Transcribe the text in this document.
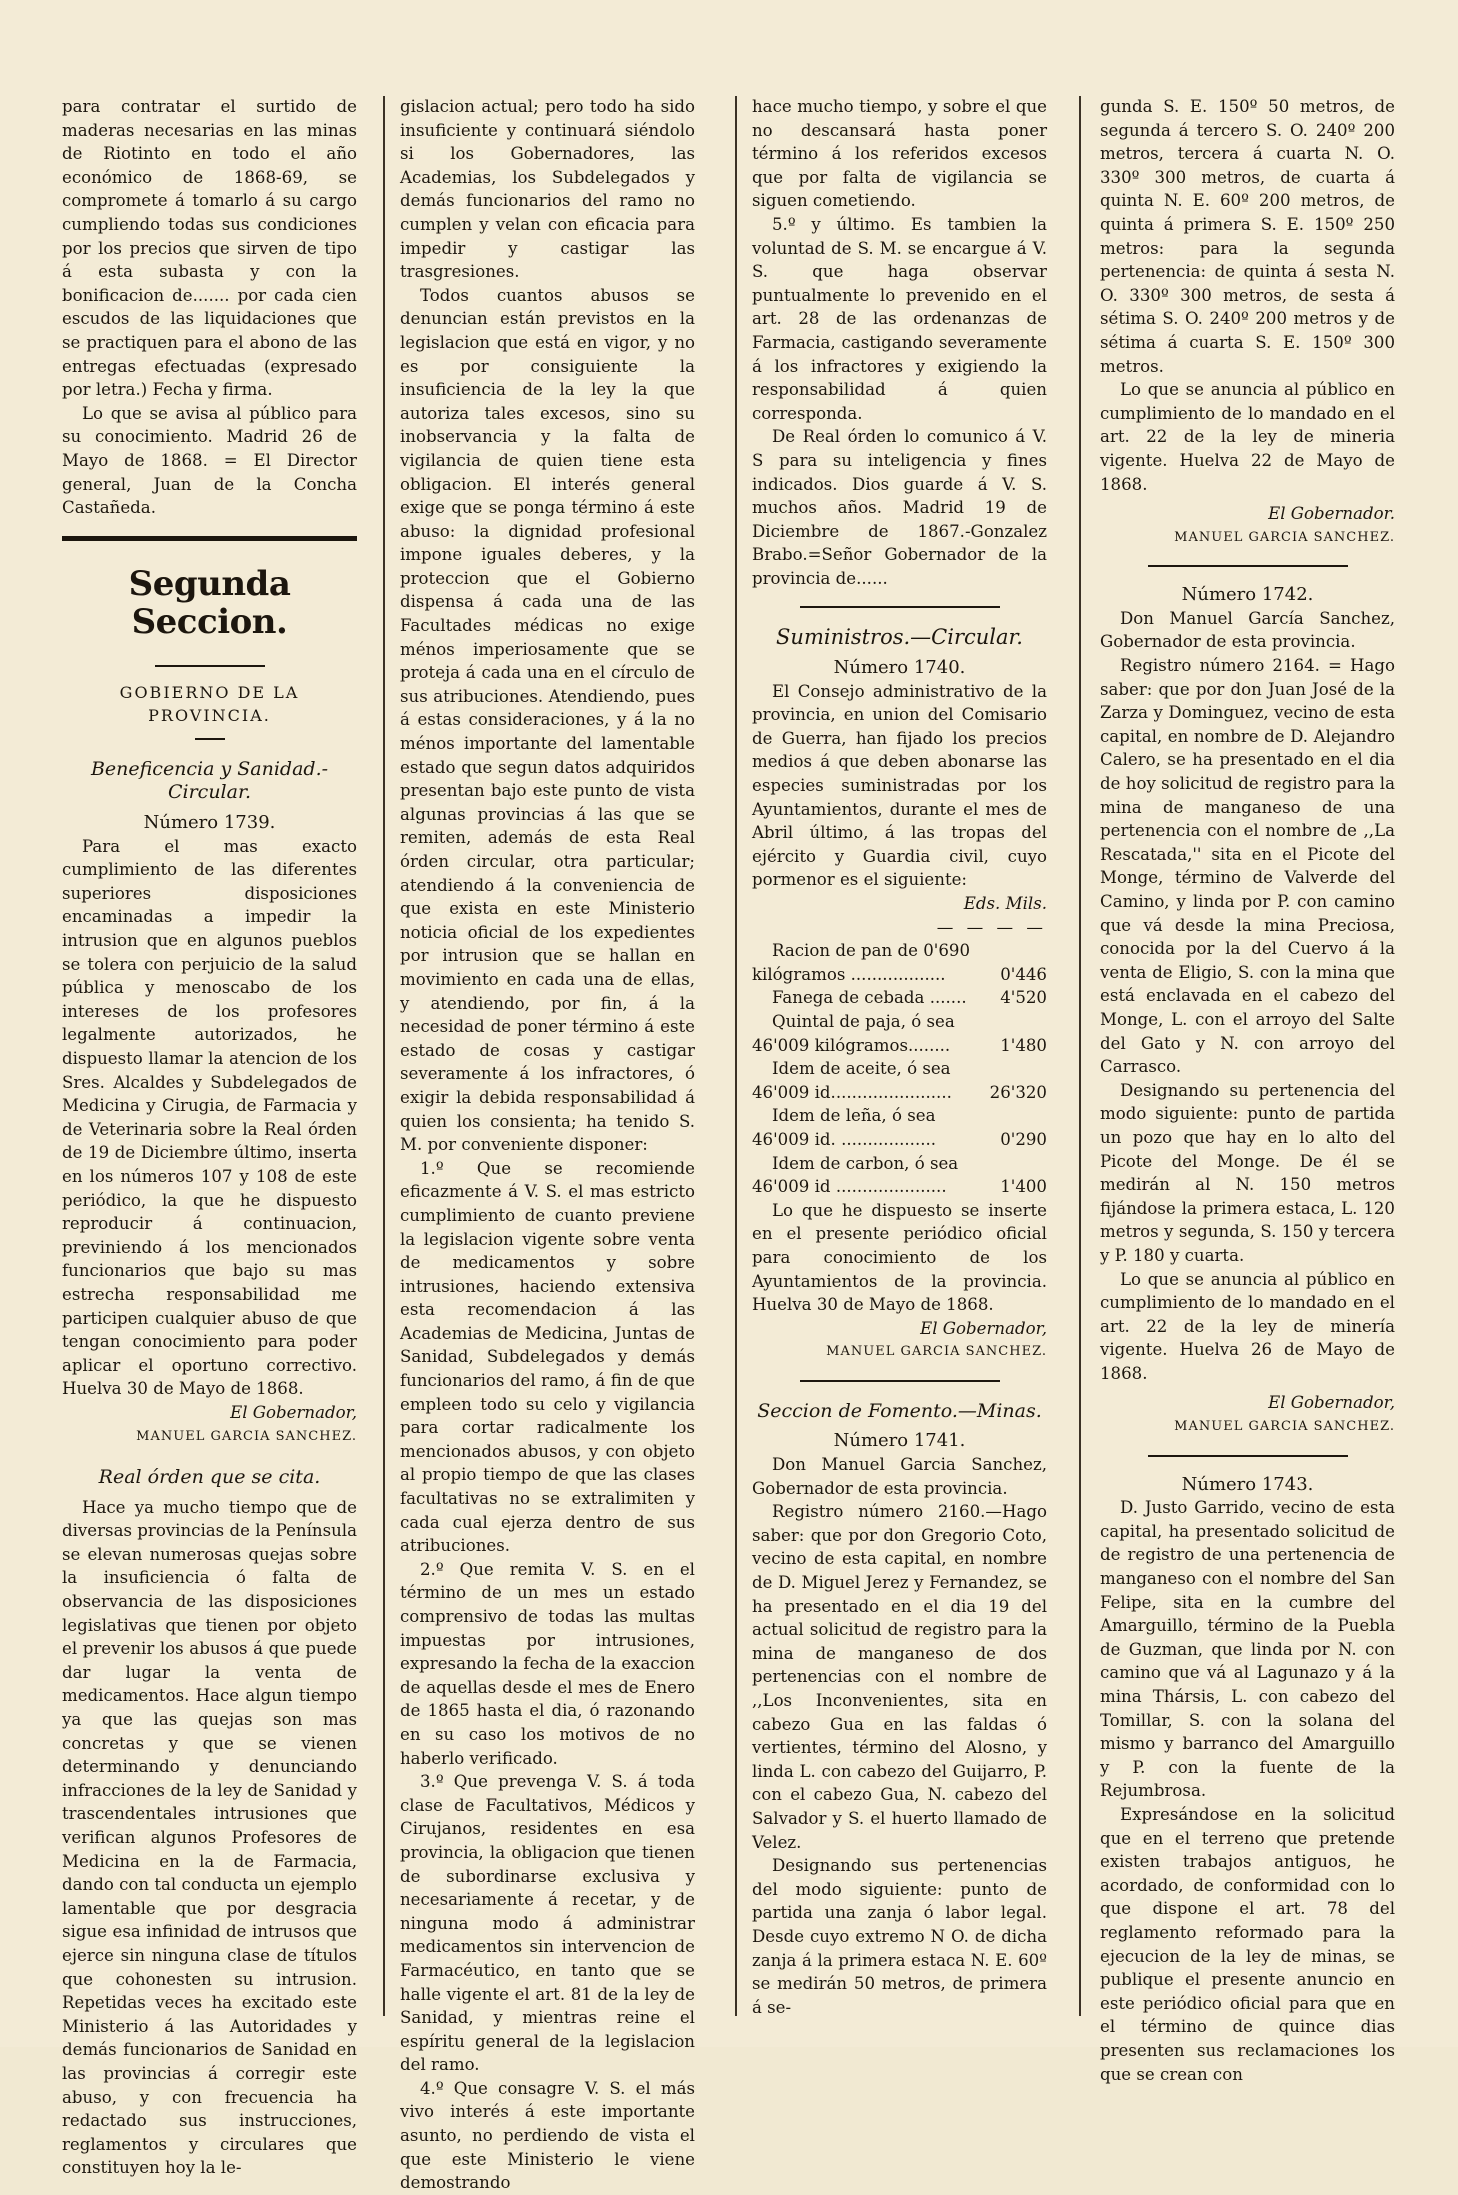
para contratar el surtido de maderas necesarias en las minas de Riotinto en todo el año económico de 1868-69, se compromete á tomarlo á su cargo cumpliendo todas sus condiciones por los precios que sirven de tipo á esta subasta y con la bonificacion de....... por cada cien escudos de las liquidaciones que se practiquen para el abono de las entregas efectuadas (expresado por letra.) Fecha y firma.

Lo que se avisa al público para su conocimiento. Madrid 26 de Mayo de 1868. = El Director general, Juan de la Concha Castañeda.

Segunda Seccion.
GOBIERNO DE LA PROVINCIA.
Beneficencia y Sanidad.-Circular.
Número 1739.

Para el mas exacto cumplimiento de las diferentes superiores disposiciones encaminadas a impedir la intrusion que en algunos pueblos se tolera con perjuicio de la salud pública y menoscabo de los intereses de los profesores legalmente autorizados, he dispuesto llamar la atencion de los Sres. Alcaldes y Subdelegados de Medicina y Cirugia, de Farmacia y de Veterinaria sobre la Real órden de 19 de Diciembre último, inserta en los números 107 y 108 de este periódico, la que he dispuesto reproducir á continuacion, previniendo á los mencionados funcionarios que bajo su mas estrecha responsabilidad me participen cualquier abuso de que tengan conocimiento para poder aplicar el oportuno correctivo. Huelva 30 de Mayo de 1868.

El Gobernador,
MANUEL GARCIA SANCHEZ.
Real órden que se cita.

Hace ya mucho tiempo que de diversas provincias de la Península se elevan numerosas quejas sobre la insuficiencia ó falta de observancia de las disposiciones legislativas que tienen por objeto el prevenir los abusos á que puede dar lugar la venta de medicamentos. Hace algun tiempo ya que las quejas son mas concretas y que se vienen determinando y denunciando infracciones de la ley de Sanidad y trascendentales intrusiones que verifican algunos Profesores de Medicina en la de Farmacia, dando con tal conducta un ejemplo lamentable que por desgracia sigue esa infinidad de intrusos que ejerce sin ninguna clase de títulos que cohonesten su intrusion. Repetidas veces ha excitado este Ministerio á las Autoridades y demás funcionarios de Sanidad en las provincias á corregir este abuso, y con frecuencia ha redactado sus instrucciones, reglamentos y circulares que constituyen hoy la le-

gislacion actual; pero todo ha sido insuficiente y continuará siéndolo si los Gobernadores, las Academias, los Subdelegados y demás funcionarios del ramo no cumplen y velan con eficacia para impedir y castigar las trasgresiones.

Todos cuantos abusos se denuncian están previstos en la legislacion que está en vigor, y no es por consiguiente la insuficiencia de la ley la que autoriza tales excesos, sino su inobservancia y la falta de vigilancia de quien tiene esta obligacion. El interés general exige que se ponga término á este abuso: la dignidad profesional impone iguales deberes, y la proteccion que el Gobierno dispensa á cada una de las Facultades médicas no exige ménos imperiosamente que se proteja á cada una en el círculo de sus atribuciones. Atendiendo, pues á estas consideraciones, y á la no ménos importante del lamentable estado que segun datos adquiridos presentan bajo este punto de vista algunas provincias á las que se remiten, además de esta Real órden circular, otra particular; atendiendo á la conveniencia de que exista en este Ministerio noticia oficial de los expedientes por intrusion que se hallan en movimiento en cada una de ellas, y atendiendo, por fin, á la necesidad de poner término á este estado de cosas y castigar severamente á los infractores, ó exigir la debida responsabilidad á quien los consienta; ha tenido S. M. por conveniente disponer:

1.º Que se recomiende eficazmente á V. S. el mas estricto cumplimiento de cuanto previene la legislacion vigente sobre venta de medicamentos y sobre intrusiones, haciendo extensiva esta recomendacion á las Academias de Medicina, Juntas de Sanidad, Subdelegados y demás funcionarios del ramo, á fin de que empleen todo su celo y vigilancia para cortar radicalmente los mencionados abusos, y con objeto al propio tiempo de que las clases facultativas no se extralimiten y cada cual ejerza dentro de sus atribuciones.

2.º Que remita V. S. en el término de un mes un estado comprensivo de todas las multas impuestas por intrusiones, expresando la fecha de la exaccion de aquellas desde el mes de Enero de 1865 hasta el dia, ó razonando en su caso los motivos de no haberlo verificado.

3.º Que prevenga V. S. á toda clase de Facultativos, Médicos y Cirujanos, residentes en esa provincia, la obligacion que tienen de subordinarse exclusiva y necesariamente á recetar, y de ninguna modo á administrar medicamentos sin intervencion de Farmacéutico, en tanto que se halle vigente el art. 81 de la ley de Sanidad, y mientras reine el espíritu general de la legislacion del ramo.

4.º Que consagre V. S. el más vivo interés á este importante asunto, no perdiendo de vista el que este Ministerio le viene demostrando

hace mucho tiempo, y sobre el que no descansará hasta poner término á los referidos excesos que por falta de vigilancia se siguen cometiendo.

5.º y último. Es tambien la voluntad de S. M. se encargue á V. S. que haga observar puntualmente lo prevenido en el art. 28 de las ordenanzas de Farmacia, castigando severamente á los infractores y exigiendo la responsabilidad á quien corresponda.

De Real órden lo comunico á V. S para su inteligencia y fines indicados. Dios guarde á V. S. muchos años. Madrid 19 de Diciembre de 1867.-Gonzalez Brabo.=Señor Gobernador de la provincia de......

Suministros.—Circular.
Número 1740.

El Consejo administrativo de la provincia, en union del Comisario de Guerra, han fijado los precios medios á que deben abonarse las especies suministradas por los Ayuntamientos, durante el mes de Abril último, á las tropas del ejército y Guardia civil, cuyo pormenor es el siguiente:

Eds. Mils.
— — — —
Racion de pan de 0'690
kilógramos ..................	0'446
Fanega de cebada ....... 4'520
Quintal de paja, ó sea
46'009 kilógramos........	1'480
Idem de aceite, ó sea
46'009 id....................... 26'320
Idem de leña, ó sea
46'009 id. ..................	0'290
Idem de carbon, ó sea
46'009 id .....................	1'400

Lo que he dispuesto se inserte en el presente periódico oficial para conocimiento de los Ayuntamientos de la provincia. Huelva 30 de Mayo de 1868.

El Gobernador,
MANUEL GARCIA SANCHEZ.
Seccion de Fomento.—Minas.
Número 1741.

Don Manuel Garcia Sanchez, Gobernador de esta provincia.

Registro número 2160.—Hago saber: que por don Gregorio Coto, vecino de esta capital, en nombre de D. Miguel Jerez y Fernandez, se ha presentado en el dia 19 del actual solicitud de registro para la mina de manganeso de dos pertenencias con el nombre de ,,Los Inconvenientes, sita en cabezo Gua en las faldas ó vertientes, término del Alosno, y linda L. con cabezo del Guijarro, P. con el cabezo Gua, N. cabezo del Salvador y S. el huerto llamado de Velez.

Designando sus pertenencias del modo siguiente: punto de partida una zanja ó labor legal. Desde cuyo extremo N O. de dicha zanja á la primera estaca N. E. 60º se medirán 50 metros, de primera á se-

gunda S. E. 150º 50 metros, de segunda á tercero S. O. 240º 200 metros, tercera á cuarta N. O. 330º 300 metros, de cuarta á quinta N. E. 60º 200 metros, de quinta á primera S. E. 150º 250 metros: para la segunda pertenencia: de quinta á sesta N. O. 330º 300 metros, de sesta á sétima S. O. 240º 200 metros y de sétima á cuarta S. E. 150º 300 metros.

Lo que se anuncia al público en cumplimiento de lo mandado en el art. 22 de la ley de mineria vigente. Huelva 22 de Mayo de 1868.

El Gobernador.
MANUEL GARCIA SANCHEZ.
Número 1742.

Don Manuel García Sanchez, Gobernador de esta provincia.

Registro número 2164. = Hago saber: que por don Juan José de la Zarza y Dominguez, vecino de esta capital, en nombre de D. Alejandro Calero, se ha presentado en el dia de hoy solicitud de registro para la mina de manganeso de una pertenencia con el nombre de ,,La Rescatada,'' sita en el Picote del Monge, término de Valverde del Camino, y linda por P. con camino que vá desde la mina Preciosa, conocida por la del Cuervo á la venta de Eligio, S. con la mina que está enclavada en el cabezo del Monge, L. con el arroyo del Salte del Gato y N. con arroyo del Carrasco.

Designando su pertenencia del modo siguiente: punto de partida un pozo que hay en lo alto del Picote del Monge. De él se medirán al N. 150 metros fijándose la primera estaca, L. 120 metros y segunda, S. 150 y tercera y P. 180 y cuarta.

Lo que se anuncia al público en cumplimiento de lo mandado en el art. 22 de la ley de minería vigente. Huelva 26 de Mayo de 1868.

El Gobernador,
MANUEL GARCIA SANCHEZ.
Número 1743.

D. Justo Garrido, vecino de esta capital, ha presentado solicitud de de registro de una pertenencia de manganeso con el nombre del San Felipe, sita en la cumbre del Amarguillo, término de la Puebla de Guzman, que linda por N. con camino que vá al Lagunazo y á la mina Thársis, L. con cabezo del Tomillar, S. con la solana del mismo y barranco del Amarguillo y P. con la fuente de la Rejumbrosa.

Expresándose en la solicitud que en el terreno que pretende existen trabajos antiguos, he acordado, de conformidad con lo que dispone el art. 78 del reglamento reformado para la ejecucion de la ley de minas, se publique el presente anuncio en este periódico oficial para que en el término de quince dias presenten sus reclamaciones los que se crean con
